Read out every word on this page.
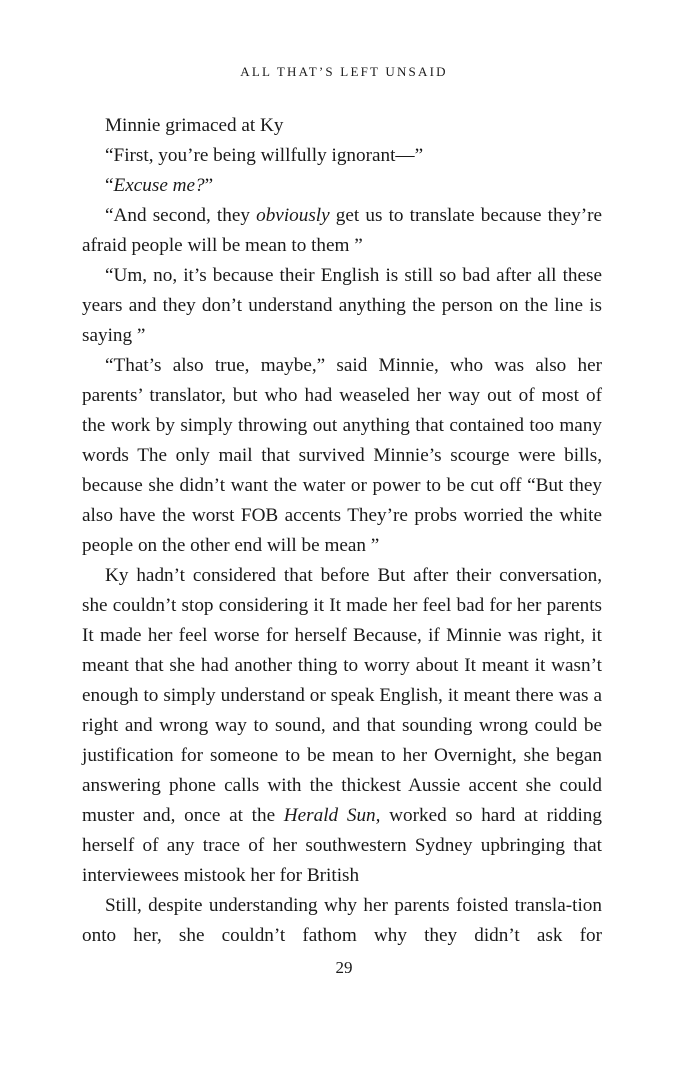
ALL THAT’S LEFT UNSAID

Minnie grimaced at Ky

“First, you’re being willfully ignorant—”

“Excuse me?”

“And second, they obviously get us to translate because they’re afraid people will be mean to them ”

“Um, no, it’s because their English is still so bad after all these years and they don’t understand anything the person on the line is saying ”

“That’s also true, maybe,” said Minnie, who was also her parents’ translator, but who had weaseled her way out of most of the work by simply throwing out anything that contained too many words The only mail that survived Minnie’s scourge were bills, because she didn’t want the water or power to be cut off “But they also have the worst FOB accents They’re probs worried the white people on the other end will be mean ”

Ky hadn’t considered that before But after their conversation, she couldn’t stop considering it It made her feel bad for her parents It made her feel worse for herself Because, if Minnie was right, it meant that she had another thing to worry about It meant it wasn’t enough to simply understand or speak English, it meant there was a right and wrong way to sound, and that sounding wrong could be justification for someone to be mean to her Overnight, she began answering phone calls with the thickest Aussie accent she could muster and, once at the Herald Sun, worked so hard at ridding herself of any trace of her southwestern Sydney upbringing that interviewees mistook her for British

Still, despite understanding why her parents foisted transla-tion onto her, she couldn’t fathom why they didn’t ask for

29
